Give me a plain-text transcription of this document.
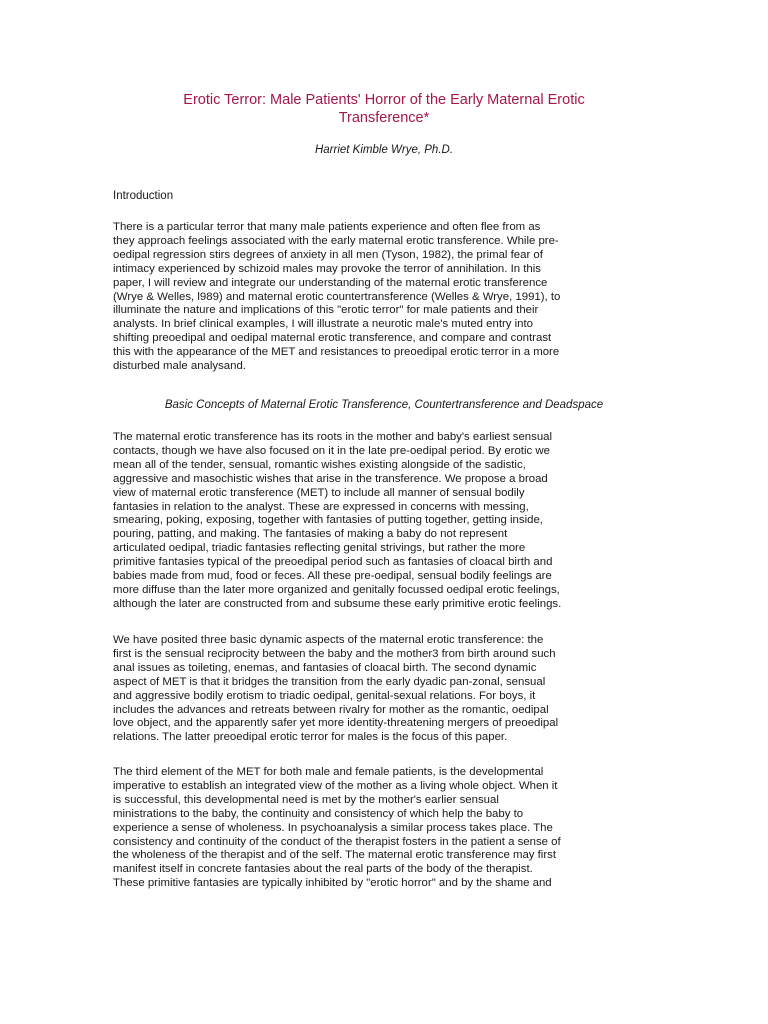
Erotic Terror: Male Patients' Horror of the Early Maternal Erotic
Transference*

Harriet Kimble Wrye, Ph.D.

Introduction

There is a particular terror that many male patients experience and often flee from as
they approach feelings associated with the early maternal erotic transference. While pre-
oedipal regression stirs degrees of anxiety in all men (Tyson, 1982), the primal fear of
intimacy experienced by schizoid males may provoke the terror of annihilation. In this
paper, I will review and integrate our understanding of the maternal erotic transference
(Wrye & Welles, l989) and maternal erotic countertransference (Welles & Wrye, 1991), to
illuminate the nature and implications of this "erotic terror" for male patients and their
analysts. In brief clinical examples, I will illustrate a neurotic male's muted entry into
shifting preoedipal and oedipal maternal erotic transference, and compare and contrast
this with the appearance of the MET and resistances to preoedipal erotic terror in a more
disturbed male analysand.

Basic Concepts of Maternal Erotic Transference, Countertransference and Deadspace

The maternal erotic transference has its roots in the mother and baby's earliest sensual
contacts, though we have also focused on it in the late pre-oedipal period. By erotic we
mean all of the tender, sensual, romantic wishes existing alongside of the sadistic,
aggressive and masochistic wishes that arise in the transference. We propose a broad
view of maternal erotic transference (MET) to include all manner of sensual bodily
fantasies in relation to the analyst. These are expressed in concerns with messing,
smearing, poking, exposing, together with fantasies of putting together, getting inside,
pouring, patting, and making. The fantasies of making a baby do not represent
articulated oedipal, triadic fantasies reflecting genital strivings, but rather the more
primitive fantasies typical of the preoedipal period such as fantasies of cloacal birth and
babies made from mud, food or feces. All these pre-oedipal, sensual bodily feelings are
more diffuse than the later more organized and genitally focussed oedipal erotic feelings,
although the later are constructed from and subsume these early primitive erotic feelings.
We have posited three basic dynamic aspects of the maternal erotic transference: the
first is the sensual reciprocity between the baby and the mother3 from birth around such
anal issues as toileting, enemas, and fantasies of cloacal birth. The second dynamic
aspect of MET is that it bridges the transition from the early dyadic pan-zonal, sensual
and aggressive bodily erotism to triadic oedipal, genital-sexual relations. For boys, it
includes the advances and retreats between rivalry for mother as the romantic, oedipal
love object, and the apparently safer yet more identity-threatening mergers of preoedipal
relations. The latter preoedipal erotic terror for males is the focus of this paper.
The third element of the MET for both male and female patients, is the developmental
imperative to establish an integrated view of the mother as a living whole object. When it
is successful, this developmental need is met by the mother's earlier sensual
ministrations to the baby, the continuity and consistency of which help the baby to
experience a sense of wholeness. In psychoanalysis a similar process takes place. The
consistency and continuity of the conduct of the therapist fosters in the patient a sense of
the wholeness of the therapist and of the self. The maternal erotic transference may first
manifest itself in concrete fantasies about the real parts of the body of the therapist.
These primitive fantasies are typically inhibited by "erotic horror" and by the shame and
